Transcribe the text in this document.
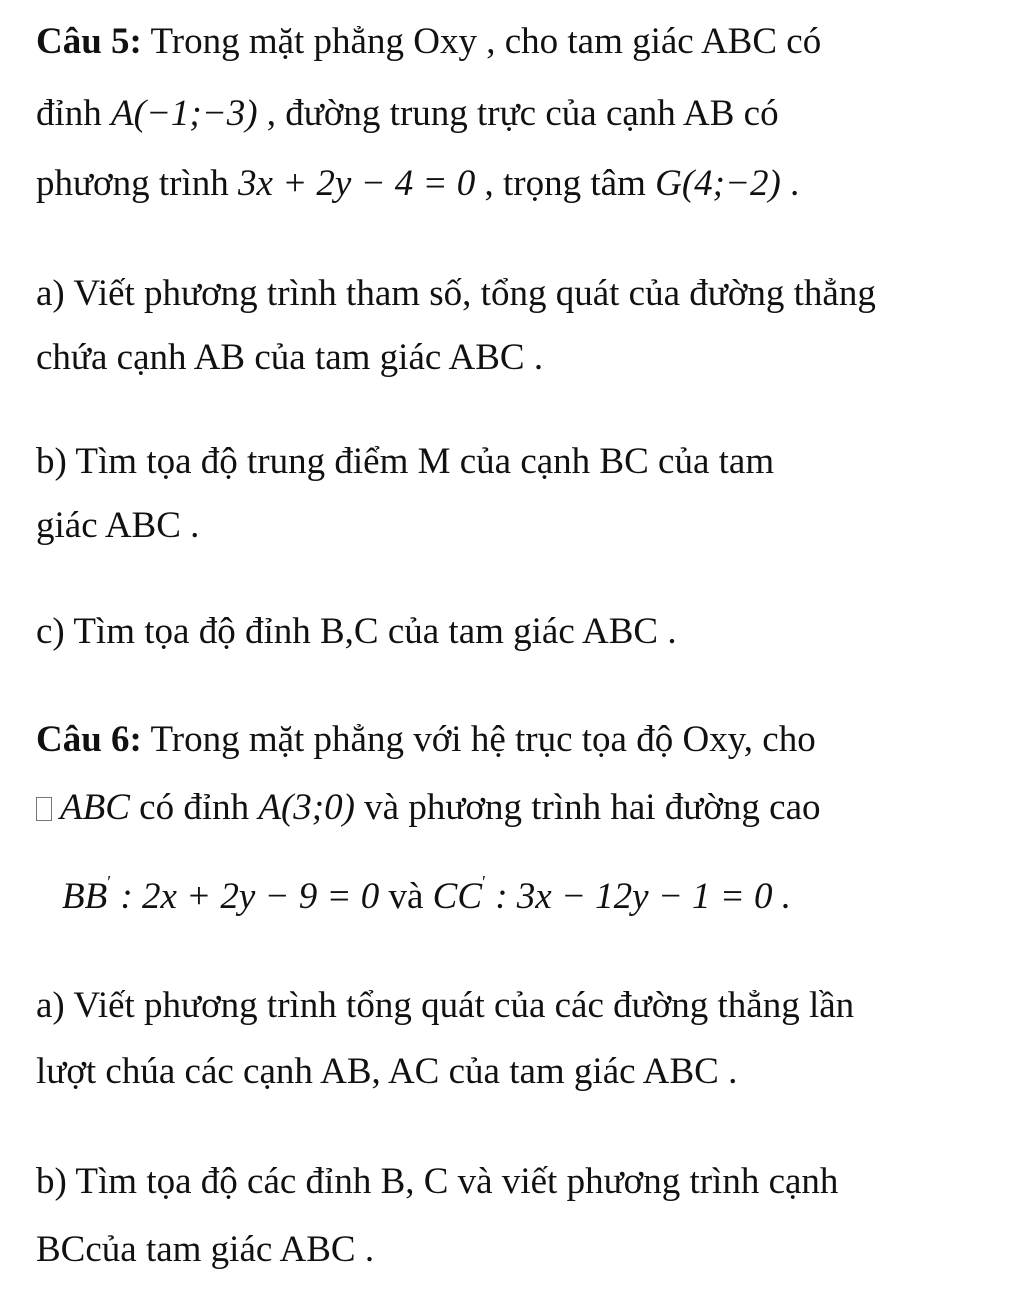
Câu 5: Trong mặt phẳng Oxy , cho tam giác ABC có
đỉnh A(−1;−3) , đường trung trực của cạnh AB có
phương trình 3x + 2y − 4 = 0 , trọng tâm G(4;−2) .
a) Viết phương trình tham số, tổng quát của đường thẳng
chứa cạnh AB của tam giác ABC .
b) Tìm tọa độ trung điểm M của cạnh BC của tam
giác ABC .
c) Tìm tọa độ đỉnh B,C của tam giác ABC .
Câu 6: Trong mặt phẳng với hệ trục tọa độ Oxy, cho
ABC có đỉnh A(3;0) và phương trình hai đường cao
BB′ : 2x + 2y − 9 = 0 và CC′ : 3x − 12y − 1 = 0 .
a) Viết phương trình tổng quát của các đường thẳng lần
lượt chúa các cạnh AB, AC của tam giác ABC .
b) Tìm tọa độ các đỉnh B, C và viết phương trình cạnh
BCcủa tam giác ABC .
